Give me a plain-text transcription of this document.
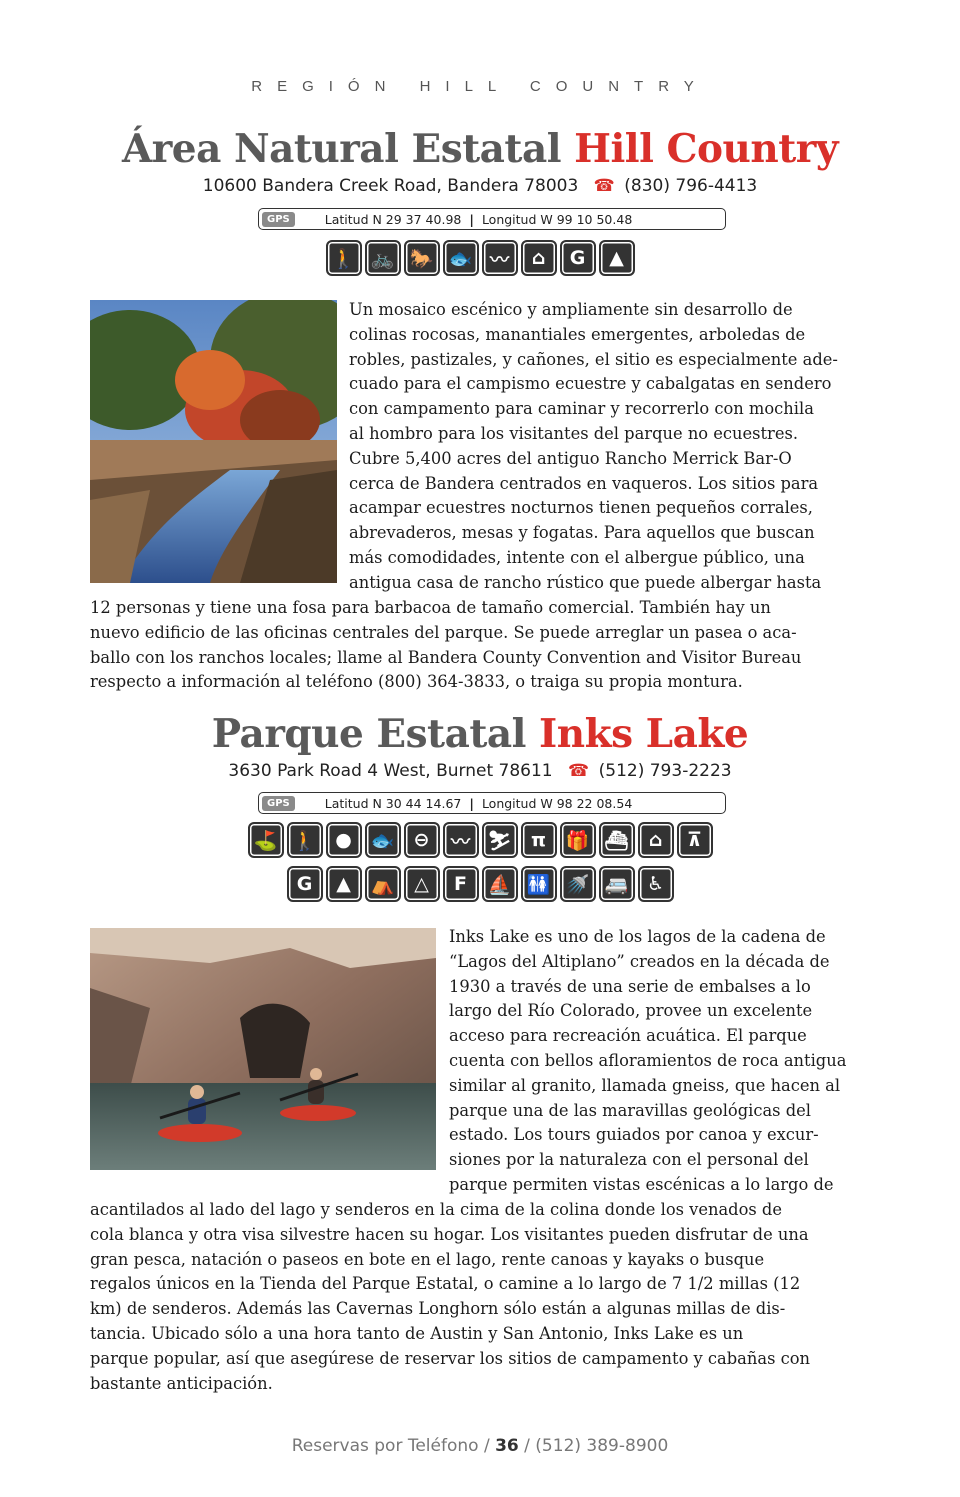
REGIÓN HILL COUNTRY
Área Natural Estatal Hill Country
10600 Bandera Creek Road, Bandera 78003 ☎ (830) 796-4413
GPS	Latitud N 29 37 40.98 | Longitud W 99 10 50.48
🚶 🚲 🐎 🐟 〰	⌂	G	▲
Un mosaico escénico y ampliamente sin desarrollo de
colinas rocosas, manantiales emergentes, arboledas de
robles, pastizales, y cañones, el sitio es especialmente ade-
cuado para el campismo ecuestre y cabalgatas en sendero
con campamento para caminar y recorrerlo con mochila
al hombro para los visitantes del parque no ecuestres.
Cubre 5,400 acres del antiguo Rancho Merrick Bar-O
cerca de Bandera centrados en vaqueros. Los sitios para
acampar ecuestres nocturnos tienen pequeños corrales,
abrevaderos, mesas y fogatas. Para aquellos que buscan
más comodidades, intente con el albergue público, una
antigua casa de rancho rústico que puede albergar hasta
12 personas y tiene una fosa para barbacoa de tamaño comercial. También hay un
nuevo edificio de las oficinas centrales del parque. Se puede arreglar un pasea o aca-
ballo con los ranchos locales; llame al Bandera County Convention and Visitor Bureau
respecto a información al teléfono (800) 364-3833, o traiga su propia montura.
Parque Estatal Inks Lake
3630 Park Road 4 West, Burnet 78611 ☎ (512) 793-2223
GPS	Latitud N 30 44 14.67 | Longitud W 98 22 08.54
⛳ 🚶 ● 🐟	⊖	〰 ⛷	π	🎁 ⛴	⌂	⊼
G	▲	⛺	△	F	⛵ 🚻 🚿 🚐 ♿
Inks Lake es uno de los lagos de la cadena de
“Lagos del Altiplano” creados en la década de
1930 a través de una serie de embalses a lo
largo del Río Colorado, provee un excelente
acceso para recreación acuática. El parque
cuenta con bellos afloramientos de roca antigua
similar al granito, llamada gneiss, que hacen al
parque una de las maravillas geológicas del
estado. Los tours guiados por canoa y excur-
siones por la naturaleza con el personal del
parque permiten vistas escénicas a lo largo de
acantilados al lado del lago y senderos en la cima de la colina donde los venados de
cola blanca y otra visa silvestre hacen su hogar. Los visitantes pueden disfrutar de una
gran pesca, natación o paseos en bote en el lago, rente canoas y kayaks o busque
regalos únicos en la Tienda del Parque Estatal, o camine a lo largo de 7 1/2 millas (12
km) de senderos. Además las Cavernas Longhorn sólo están a algunas millas de dis-
tancia. Ubicado sólo a una hora tanto de Austin y San Antonio, Inks Lake es un
parque popular, así que asegúrese de reservar los sitios de campamento y cabañas con
bastante anticipación.
Reservas por Teléfono / 36 / (512) 389-8900
